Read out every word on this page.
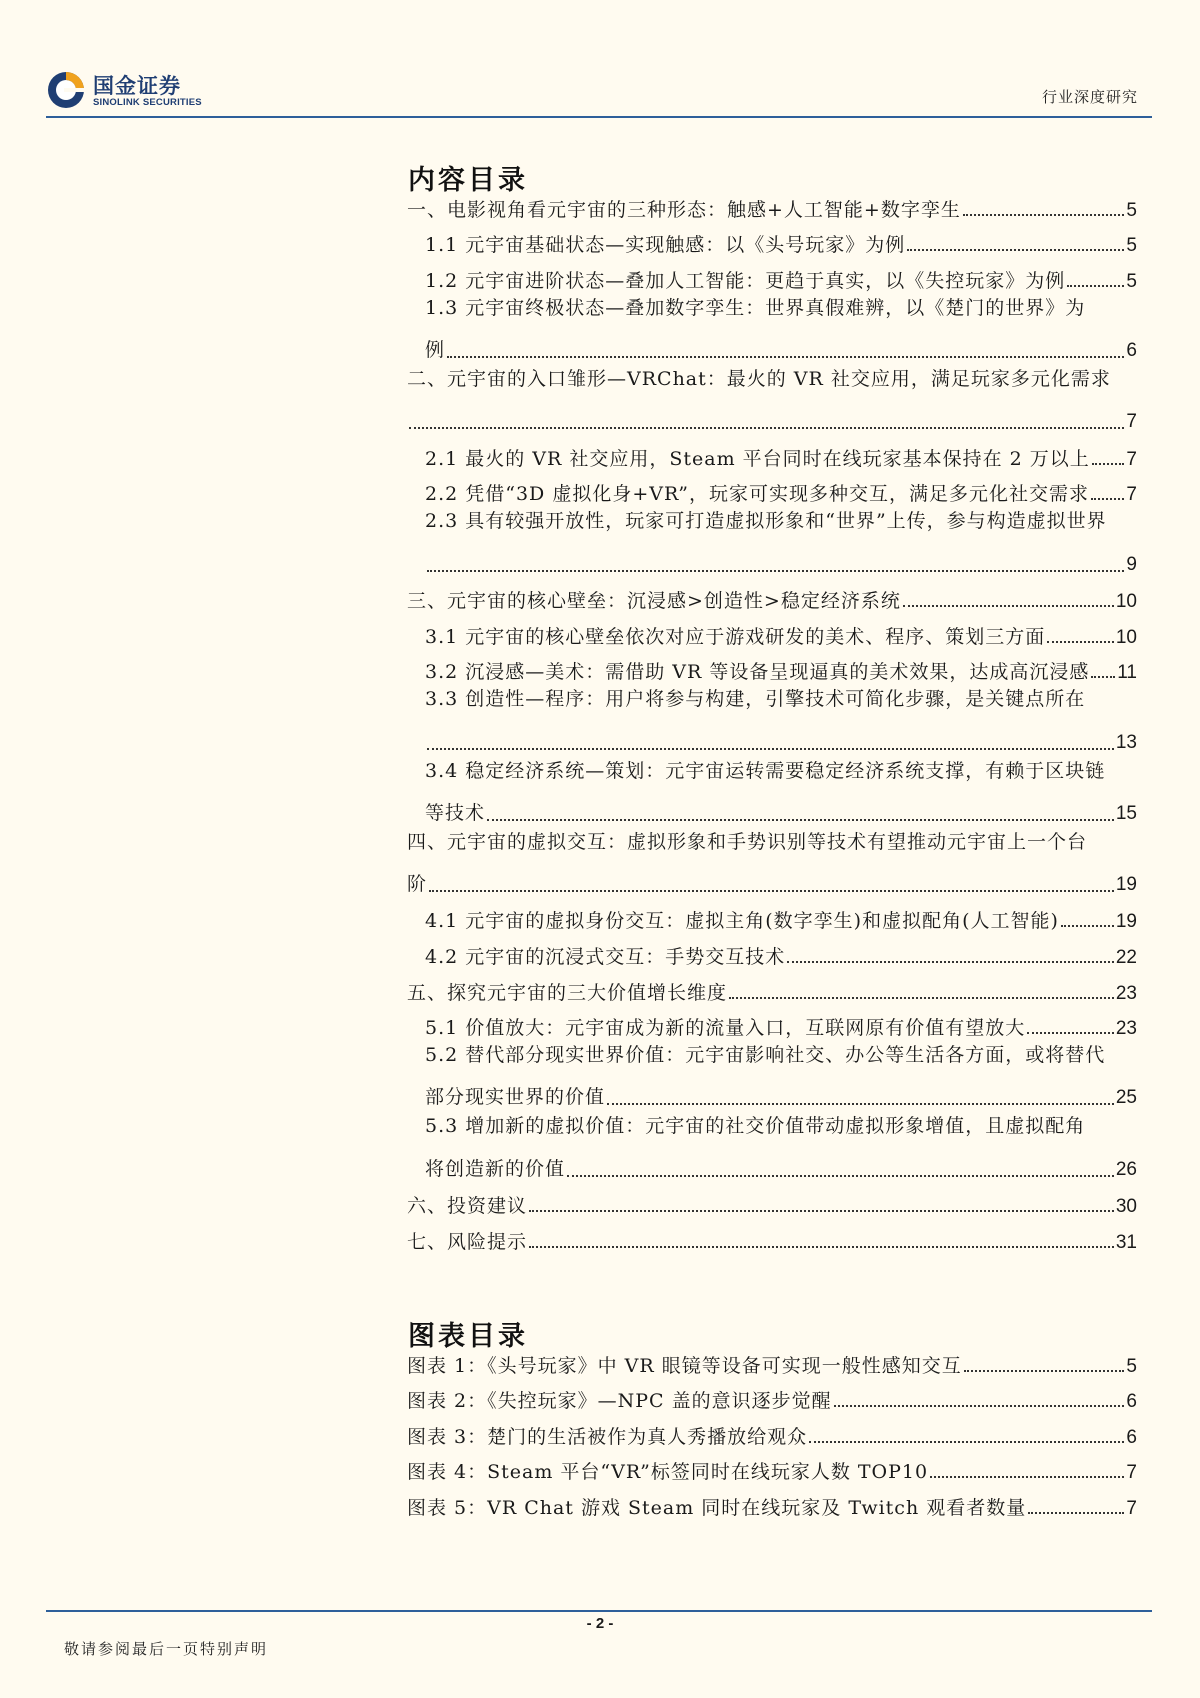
国金证券
SINOLINK SECURITIES	行业深度研究
内容目录
一、电影视角看元宇宙的三种形态：触感+人工智能+数字孪生	5
1.1 元宇宙基础状态—实现触感：以《头号玩家》为例	5
1.2 元宇宙进阶状态—叠加人工智能：更趋于真实，以《失控玩家》为例	5
1.3 元宇宙终极状态—叠加数字孪生：世界真假难辨，以《楚门的世界》为
例	6
二、元宇宙的入口雏形—VRChat：最火的 VR 社交应用，满足玩家多元化需求
7
2.1 最火的 VR 社交应用，Steam 平台同时在线玩家基本保持在 2 万以上 7
2.2 凭借“3D 虚拟化身+VR”，玩家可实现多种交互，满足多元化社交需求 7
2.3 具有较强开放性，玩家可打造虚拟形象和“世界”上传，参与构造虚拟世界
9
三、元宇宙的核心壁垒：沉浸感>创造性>稳定经济系统	10
3.1 元宇宙的核心壁垒依次对应于游戏研发的美术、程序、策划三方面	10
3.2 沉浸感—美术：需借助 VR 等设备呈现逼真的美术效果，达成高沉浸感 11
3.3 创造性—程序：用户将参与构建，引擎技术可简化步骤，是关键点所在
13
3.4 稳定经济系统—策划：元宇宙运转需要稳定经济系统支撑，有赖于区块链
等技术	15
四、元宇宙的虚拟交互：虚拟形象和手势识别等技术有望推动元宇宙上一个台
阶	19
4.1 元宇宙的虚拟身份交互：虚拟主角(数字孪生)和虚拟配角(人工智能)	19
4.2 元宇宙的沉浸式交互：手势交互技术	22
五、探究元宇宙的三大价值增长维度	23
5.1 价值放大：元宇宙成为新的流量入口，互联网原有价值有望放大	23
5.2 替代部分现实世界价值：元宇宙影响社交、办公等生活各方面，或将替代
部分现实世界的价值	25
5.3 增加新的虚拟价值：元宇宙的社交价值带动虚拟形象增值，且虚拟配角
将创造新的价值	26
六、投资建议	30
七、风险提示	31
图表目录
图表 1：《头号玩家》中 VR 眼镜等设备可实现一般性感知交互	5
图表 2：《失控玩家》—NPC 盖的意识逐步觉醒	6
图表 3：楚门的生活被作为真人秀播放给观众	6
图表 4：Steam 平台“VR”标签同时在线玩家人数 TOP10	7
图表 5：VR Chat 游戏 Steam 同时在线玩家及 Twitch 观看者数量	7
- 2 -
敬请参阅最后一页特别声明
